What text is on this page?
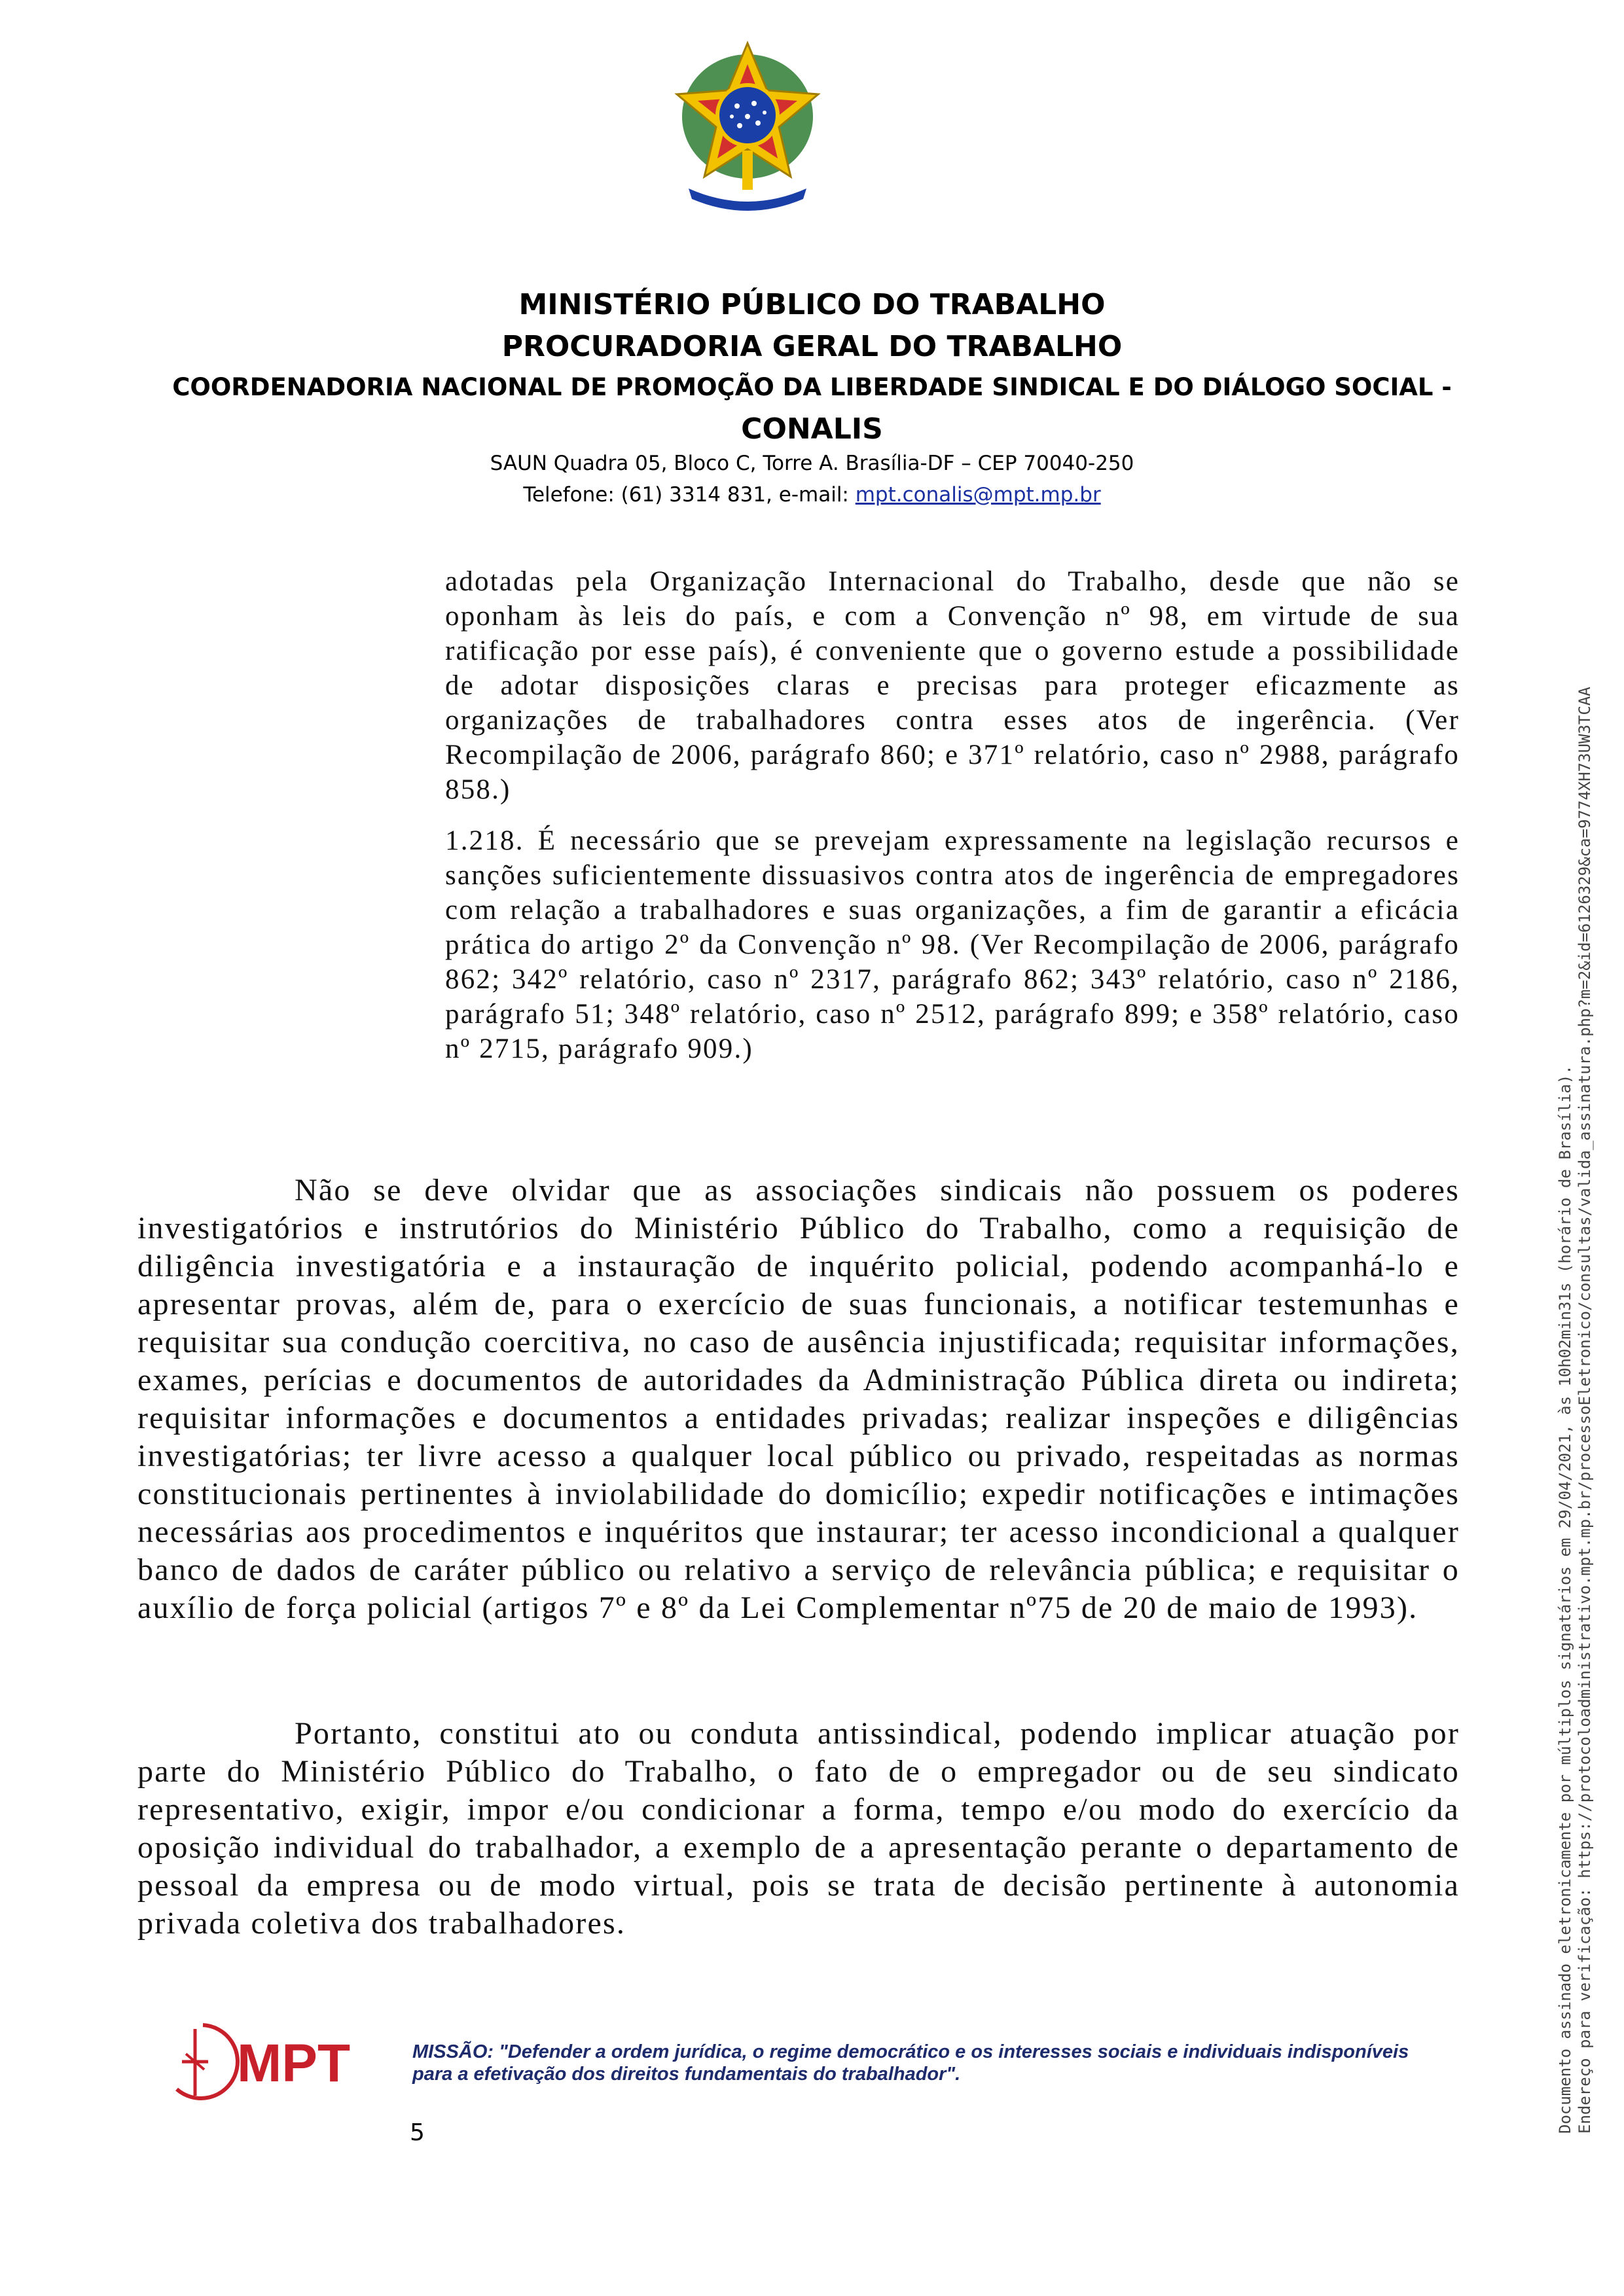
MINISTÉRIO PÚBLICO DO TRABALHO
PROCURADORIA GERAL DO TRABALHO
COORDENADORIA NACIONAL DE PROMOÇÃO DA LIBERDADE SINDICAL E DO DIÁLOGO SOCIAL -
CONALIS
SAUN Quadra 05, Bloco C, Torre A. Brasília-DF – CEP 70040-250
Telefone: (61) 3314 831, e-mail: mpt.conalis@mpt.mp.br
adotadas pela Organização Internacional do Trabalho, desde que não se oponham às leis do país, e com a Convenção nº 98, em virtude de sua ratificação por esse país), é conveniente que o governo estude a possibilidade de adotar disposições claras e precisas para proteger eficazmente as organizações de trabalhadores contra esses atos de ingerência. (Ver Recompilação de 2006, parágrafo 860; e 371º relatório, caso nº 2988, parágrafo 858.)
1.218. É necessário que se prevejam expressamente na legislação recursos e sanções suficientemente dissuasivos contra atos de ingerência de empregadores com relação a trabalhadores e suas organizações, a fim de garantir a eficácia prática do artigo 2º da Convenção nº 98. (Ver Recompilação de 2006, parágrafo 862; 342º relatório, caso nº 2317, parágrafo 862; 343º relatório, caso nº 2186, parágrafo 51; 348º relatório, caso nº 2512, parágrafo 899; e 358º relatório, caso nº 2715, parágrafo 909.)
Não se deve olvidar que as associações sindicais não possuem os poderes investigatórios e instrutórios do Ministério Público do Trabalho, como a requisição de diligência investigatória e a instauração de inquérito policial, podendo acompanhá-lo e apresentar provas, além de, para o exercício de suas funcionais, a notificar testemunhas e requisitar sua condução coercitiva, no caso de ausência injustificada; requisitar informações, exames, perícias e documentos de autoridades da Administração Pública direta ou indireta; requisitar informações e documentos a entidades privadas; realizar inspeções e diligências investigatórias; ter livre acesso a qualquer local público ou privado, respeitadas as normas constitucionais pertinentes à inviolabilidade do domicílio; expedir notificações e intimações necessárias aos procedimentos e inquéritos que instaurar; ter acesso incondicional a qualquer banco de dados de caráter público ou relativo a serviço de relevância pública; e requisitar o auxílio de força policial (artigos 7º e 8º da Lei Complementar nº75 de 20 de maio de 1993).
Portanto, constitui ato ou conduta antissindical, podendo implicar atuação por parte do Ministério Público do Trabalho, o fato de o empregador ou de seu sindicato representativo, exigir, impor e/ou condicionar a forma, tempo e/ou modo do exercício da oposição individual do trabalhador, a exemplo de a apresentação perante o departamento de pessoal da empresa ou de modo virtual, pois se trata de decisão pertinente à autonomia privada coletiva dos trabalhadores.	Documento assinado eletronicamente por múltiplos signatários em 29/04/2021, às 10h02min31s (horário de Brasília). Endereço para verificação: https://protocoloadministrativo.mpt.mp.br/processoEletronico/consultas/valida_assinatura.php?m=2&id=6126329&ca=9774XH73UW3TCAA
MPT	MISSÃO: "Defender a ordem jurídica, o regime democrático e os interesses sociais e individuais indisponíveis para a efetivação dos direitos fundamentais do trabalhador".
5
